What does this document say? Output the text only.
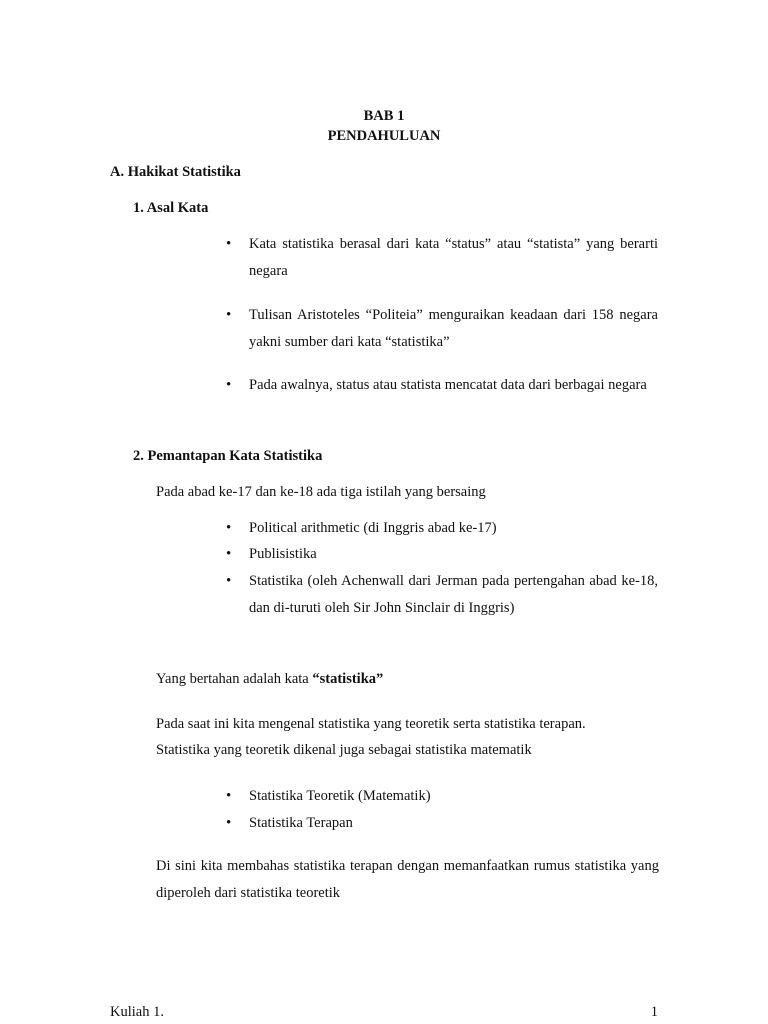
BAB 1
PENDAHULUAN
A. Hakikat Statistika
1. Asal Kata
• Kata statistika berasal dari kata “status” atau “statista” yang berarti negara
• Tulisan Aristoteles “Politeia” menguraikan keadaan dari 158 negara yakni sumber dari kata “statistika”
• Pada awalnya, status atau statista mencatat data dari berbagai negara
2. Pemantapan Kata Statistika
Pada abad ke-17 dan ke-18 ada tiga istilah yang bersaing
• Political arithmetic (di Inggris abad ke-17)
• Publisistika
• Statistika (oleh Achenwall dari Jerman pada pertengahan abad ke-18, dan di-turuti oleh Sir John Sinclair di Inggris)
Yang bertahan adalah kata “statistika”
Pada saat ini kita mengenal statistika yang teoretik serta statistika terapan.
Statistika yang teoretik dikenal juga sebagai statistika matematik
• Statistika Teoretik (Matematik)
• Statistika Terapan
Di sini kita membahas statistika terapan dengan memanfaatkan rumus statistika yang diperoleh dari statistika teoretik
Kuliah 1.	1
